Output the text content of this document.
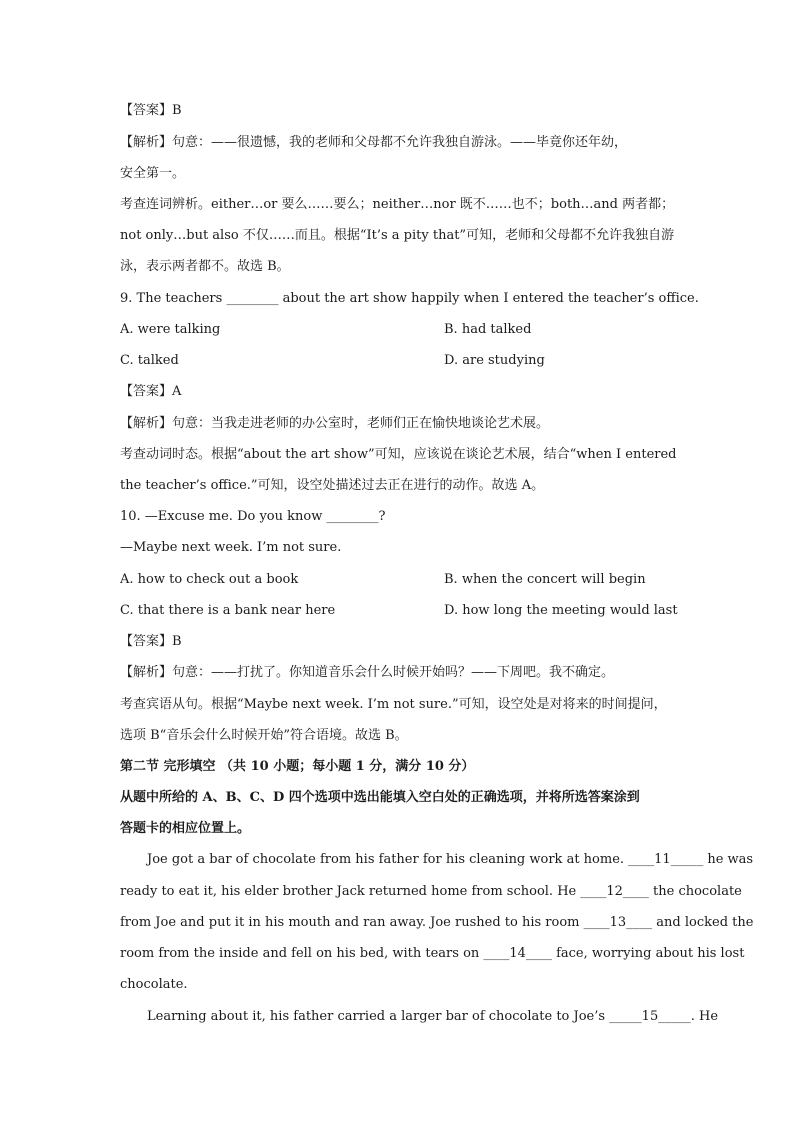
【答案】B
【解析】句意：——很遗憾，我的老师和父母都不允许我独自游泳。——毕竟你还年幼，
安全第一。
考查连词辨析。either…or 要么……要么；neither…nor 既不……也不；both…and 两者都；
not only…but also 不仅……而且。根据“It’s a pity that”可知，老师和父母都不允许我独自游
泳，表示两者都不。故选 B。
9. The teachers ________ about the art show happily when I entered the teacher’s office.
A. were talking	B. had talked
C. talked	D. are studying
【答案】A
【解析】句意：当我走进老师的办公室时，老师们正在愉快地谈论艺术展。
考查动词时态。根据“about the art show”可知，应该说在谈论艺术展，结合“when I entered
the teacher’s office.”可知，设空处描述过去正在进行的动作。故选 A。
10. —Excuse me. Do you know ________?
—Maybe next week. I’m not sure.
A. how to check out a book	B. when the concert will begin
C. that there is a bank near here	D. how long the meeting would last
【答案】B
【解析】句意：——打扰了。你知道音乐会什么时候开始吗？——下周吧。我不确定。
考查宾语从句。根据“Maybe next week. I’m not sure.”可知，设空处是对将来的时间提问，
选项 B“音乐会什么时候开始”符合语境。故选 B。
第二节 完形填空 （共 10 小题；每小题 1 分，满分 10 分）
从题中所给的 A、B、C、D 四个选项中选出能填入空白处的正确选项，并将所选答案涂到
答题卡的相应位置上。
Joe got a bar of chocolate from his father for his cleaning work at home. ____11_____ he was
ready to eat it, his elder brother Jack returned home from school. He ____12____ the chocolate
from Joe and put it in his mouth and ran away. Joe rushed to his room ____13____ and locked the
room from the inside and fell on his bed, with tears on ____14____ face, worrying about his lost
chocolate.
Learning about it, his father carried a larger bar of chocolate to Joe’s _____15_____. He
